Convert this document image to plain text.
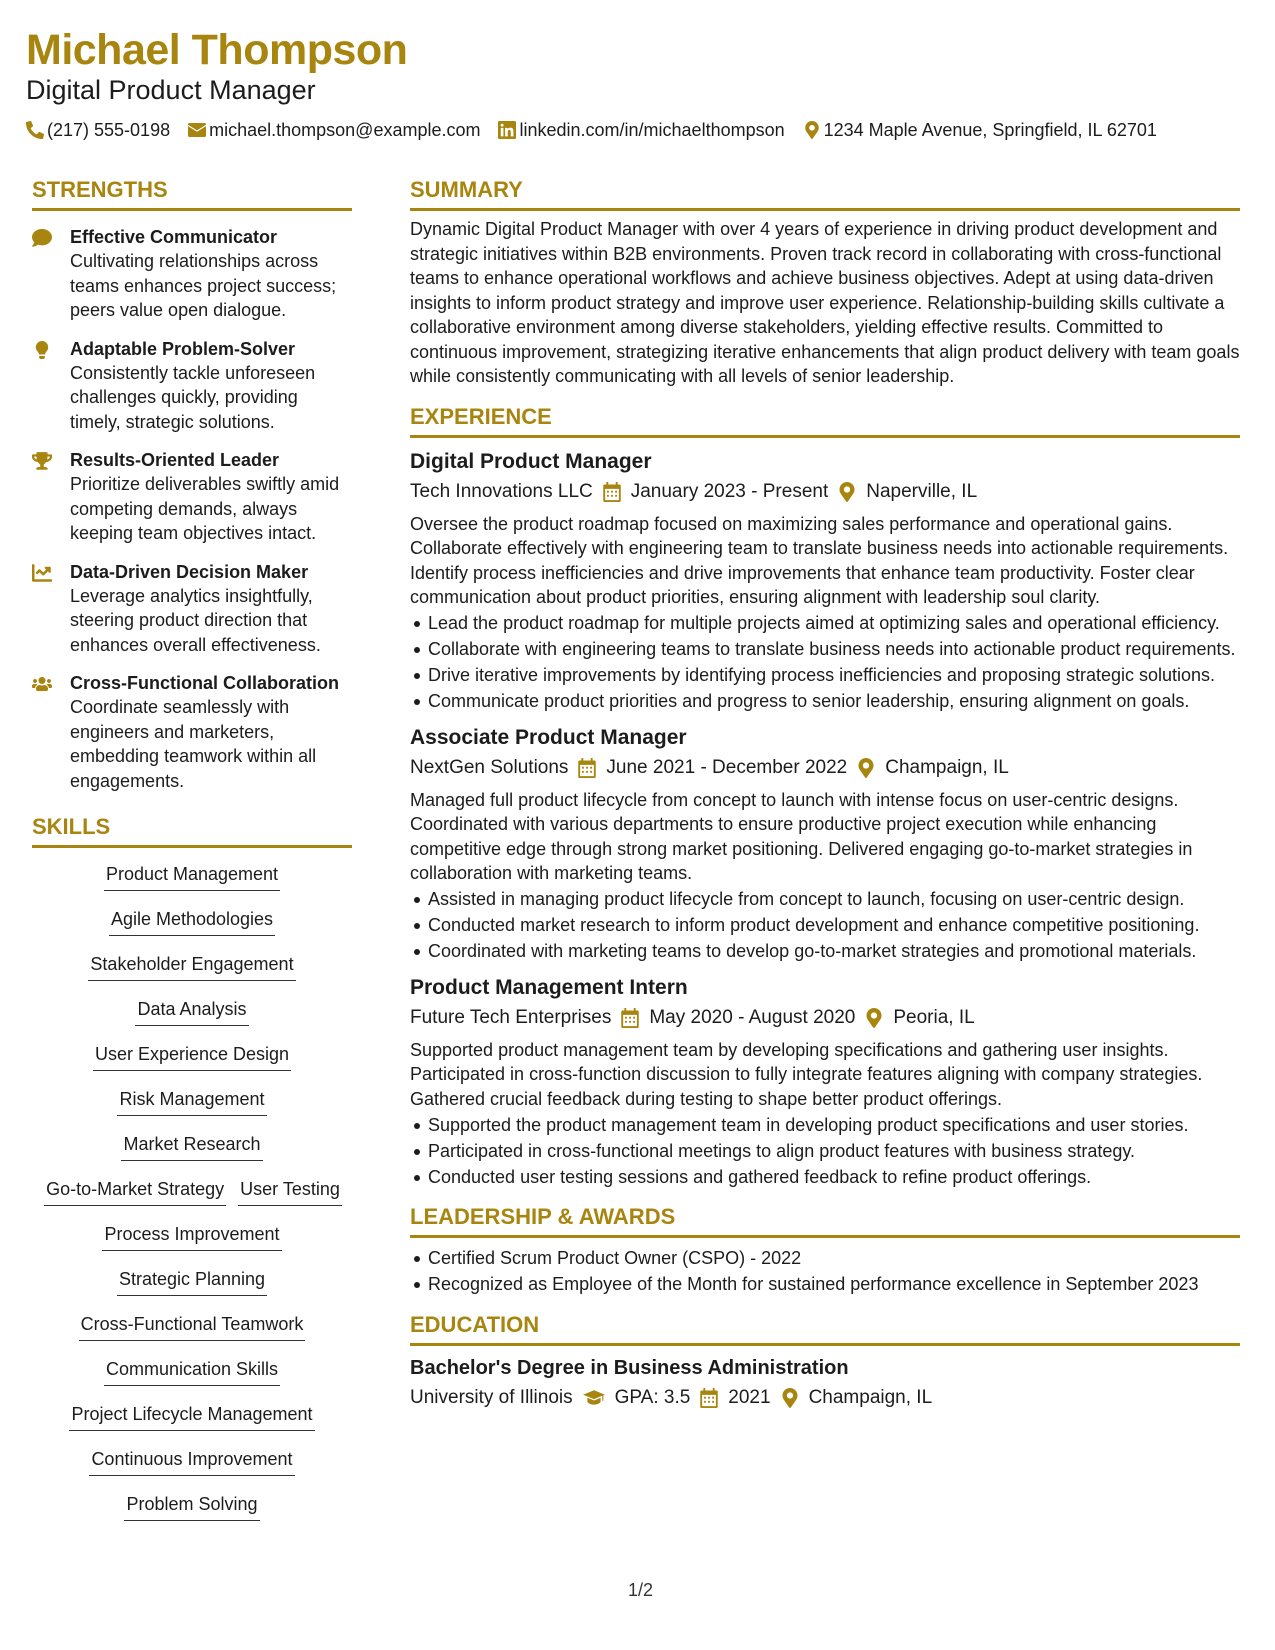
Michael Thompson
Digital Product Manager
(217) 555-0198 michael.thompson@example.com linkedin.com/in/michaelthompson 1234 Maple Avenue, Springfield, IL 62701
STRENGTHS
Effective Communicator
Cultivating relationships across teams enhances project success; peers value open dialogue.
Adaptable Problem-Solver
Consistently tackle unforeseen challenges quickly, providing timely, strategic solutions.
Results-Oriented Leader
Prioritize deliverables swiftly amid competing demands, always keeping team objectives intact.
Data-Driven Decision Maker
Leverage analytics insightfully, steering product direction that enhances overall effectiveness.
Cross-Functional Collaboration
Coordinate seamlessly with engineers and marketers, embedding teamwork within all engagements.
SKILLS
Product Management
Agile Methodologies
Stakeholder Engagement
Data Analysis
User Experience Design
Risk Management
Market Research
Go-to-Market Strategy User Testing
Process Improvement
Strategic Planning
Cross-Functional Teamwork
Communication Skills
Project Lifecycle Management
Continuous Improvement
Problem Solving
SUMMARY
Dynamic Digital Product Manager with over 4 years of experience in driving product development and strategic initiatives within B2B environments. Proven track record in collaborating with cross-functional teams to enhance operational workflows and achieve business objectives. Adept at using data-driven insights to inform product strategy and improve user experience. Relationship-building skills cultivate a collaborative environment among diverse stakeholders, yielding effective results. Committed to continuous improvement, strategizing iterative enhancements that align product delivery with team goals while consistently communicating with all levels of senior leadership.
EXPERIENCE
Digital Product Manager
Tech Innovations LLC January 2023 - Present Naperville, IL
Oversee the product roadmap focused on maximizing sales performance and operational gains. Collaborate effectively with engineering team to translate business needs into actionable requirements. Identify process inefficiencies and drive improvements that enhance team productivity. Foster clear communication about product priorities, ensuring alignment with leadership soul clarity.
Lead the product roadmap for multiple projects aimed at optimizing sales and operational efficiency.
Collaborate with engineering teams to translate business needs into actionable product requirements.
Drive iterative improvements by identifying process inefficiencies and proposing strategic solutions.
Communicate product priorities and progress to senior leadership, ensuring alignment on goals.
Associate Product Manager
NextGen Solutions June 2021 - December 2022 Champaign, IL
Managed full product lifecycle from concept to launch with intense focus on user-centric designs. Coordinated with various departments to ensure productive project execution while enhancing competitive edge through strong market positioning. Delivered engaging go-to-market strategies in collaboration with marketing teams.
Assisted in managing product lifecycle from concept to launch, focusing on user-centric design.
Conducted market research to inform product development and enhance competitive positioning.
Coordinated with marketing teams to develop go-to-market strategies and promotional materials.
Product Management Intern
Future Tech Enterprises May 2020 - August 2020 Peoria, IL
Supported product management team by developing specifications and gathering user insights. Participated in cross-function discussion to fully integrate features aligning with company strategies. Gathered crucial feedback during testing to shape better product offerings.
Supported the product management team in developing product specifications and user stories.
Participated in cross-functional meetings to align product features with business strategy.
Conducted user testing sessions and gathered feedback to refine product offerings.
LEADERSHIP & AWARDS
Certified Scrum Product Owner (CSPO) - 2022
Recognized as Employee of the Month for sustained performance excellence in September 2023
EDUCATION
Bachelor's Degree in Business Administration
University of Illinois GPA: 3.5 2021 Champaign, IL
1/2
